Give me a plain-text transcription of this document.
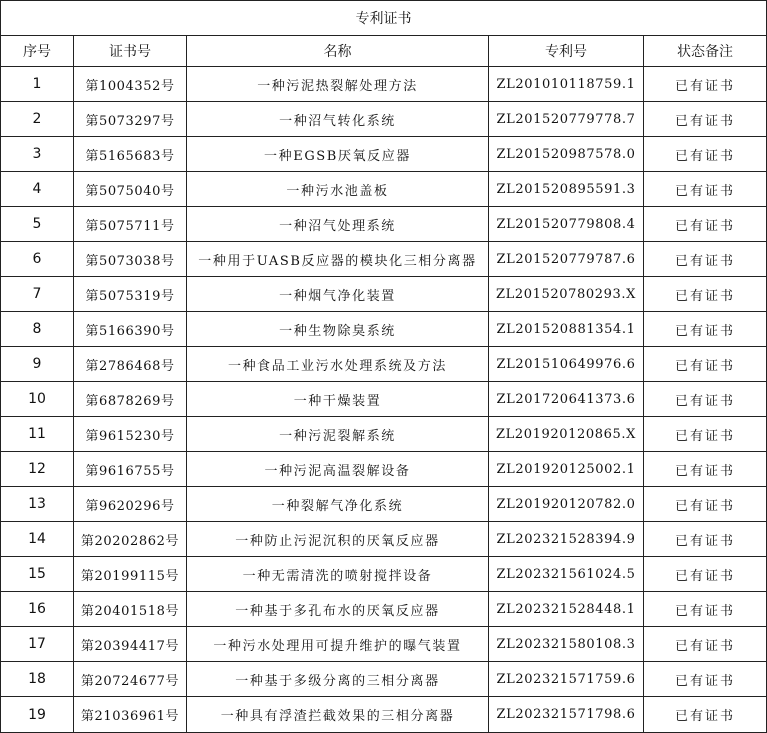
专利证书				
序号	证书号	名称	专利号	状态备注
1	第1004352号	一种污泥热裂解处理方法	ZL201010118759.1	已有证书
2	第5073297号	一种沼气转化系统	ZL201520779778.7	已有证书
3	第5165683号	一种EGSB厌氧反应器	ZL201520987578.0	已有证书
4	第5075040号	一种污水池盖板	ZL201520895591.3	已有证书
5	第5075711号	一种沼气处理系统	ZL201520779808.4	已有证书
6	第5073038号	一种用于UASB反应器的模块化三相分离器	ZL201520779787.6	已有证书
7	第5075319号	一种烟气净化装置	ZL201520780293.X	已有证书
8	第5166390号	一种生物除臭系统	ZL201520881354.1	已有证书
9	第2786468号	一种食品工业污水处理系统及方法	ZL201510649976.6	已有证书
10	第6878269号	一种干燥装置	ZL201720641373.6	已有证书
11	第9615230号	一种污泥裂解系统	ZL201920120865.X	已有证书
12	第9616755号	一种污泥高温裂解设备	ZL201920125002.1	已有证书
13	第9620296号	一种裂解气净化系统	ZL201920120782.0	已有证书
14	第20202862号	一种防止污泥沉积的厌氧反应器	ZL202321528394.9	已有证书
15	第20199115号	一种无需清洗的喷射搅拌设备	ZL202321561024.5	已有证书
16	第20401518号	一种基于多孔布水的厌氧反应器	ZL202321528448.1	已有证书
17	第20394417号	一种污水处理用可提升维护的曝气装置	ZL202321580108.3	已有证书
18	第20724677号	一种基于多级分离的三相分离器	ZL202321571759.6	已有证书
19	第21036961号	一种具有浮渣拦截效果的三相分离器	ZL202321571798.6	已有证书
